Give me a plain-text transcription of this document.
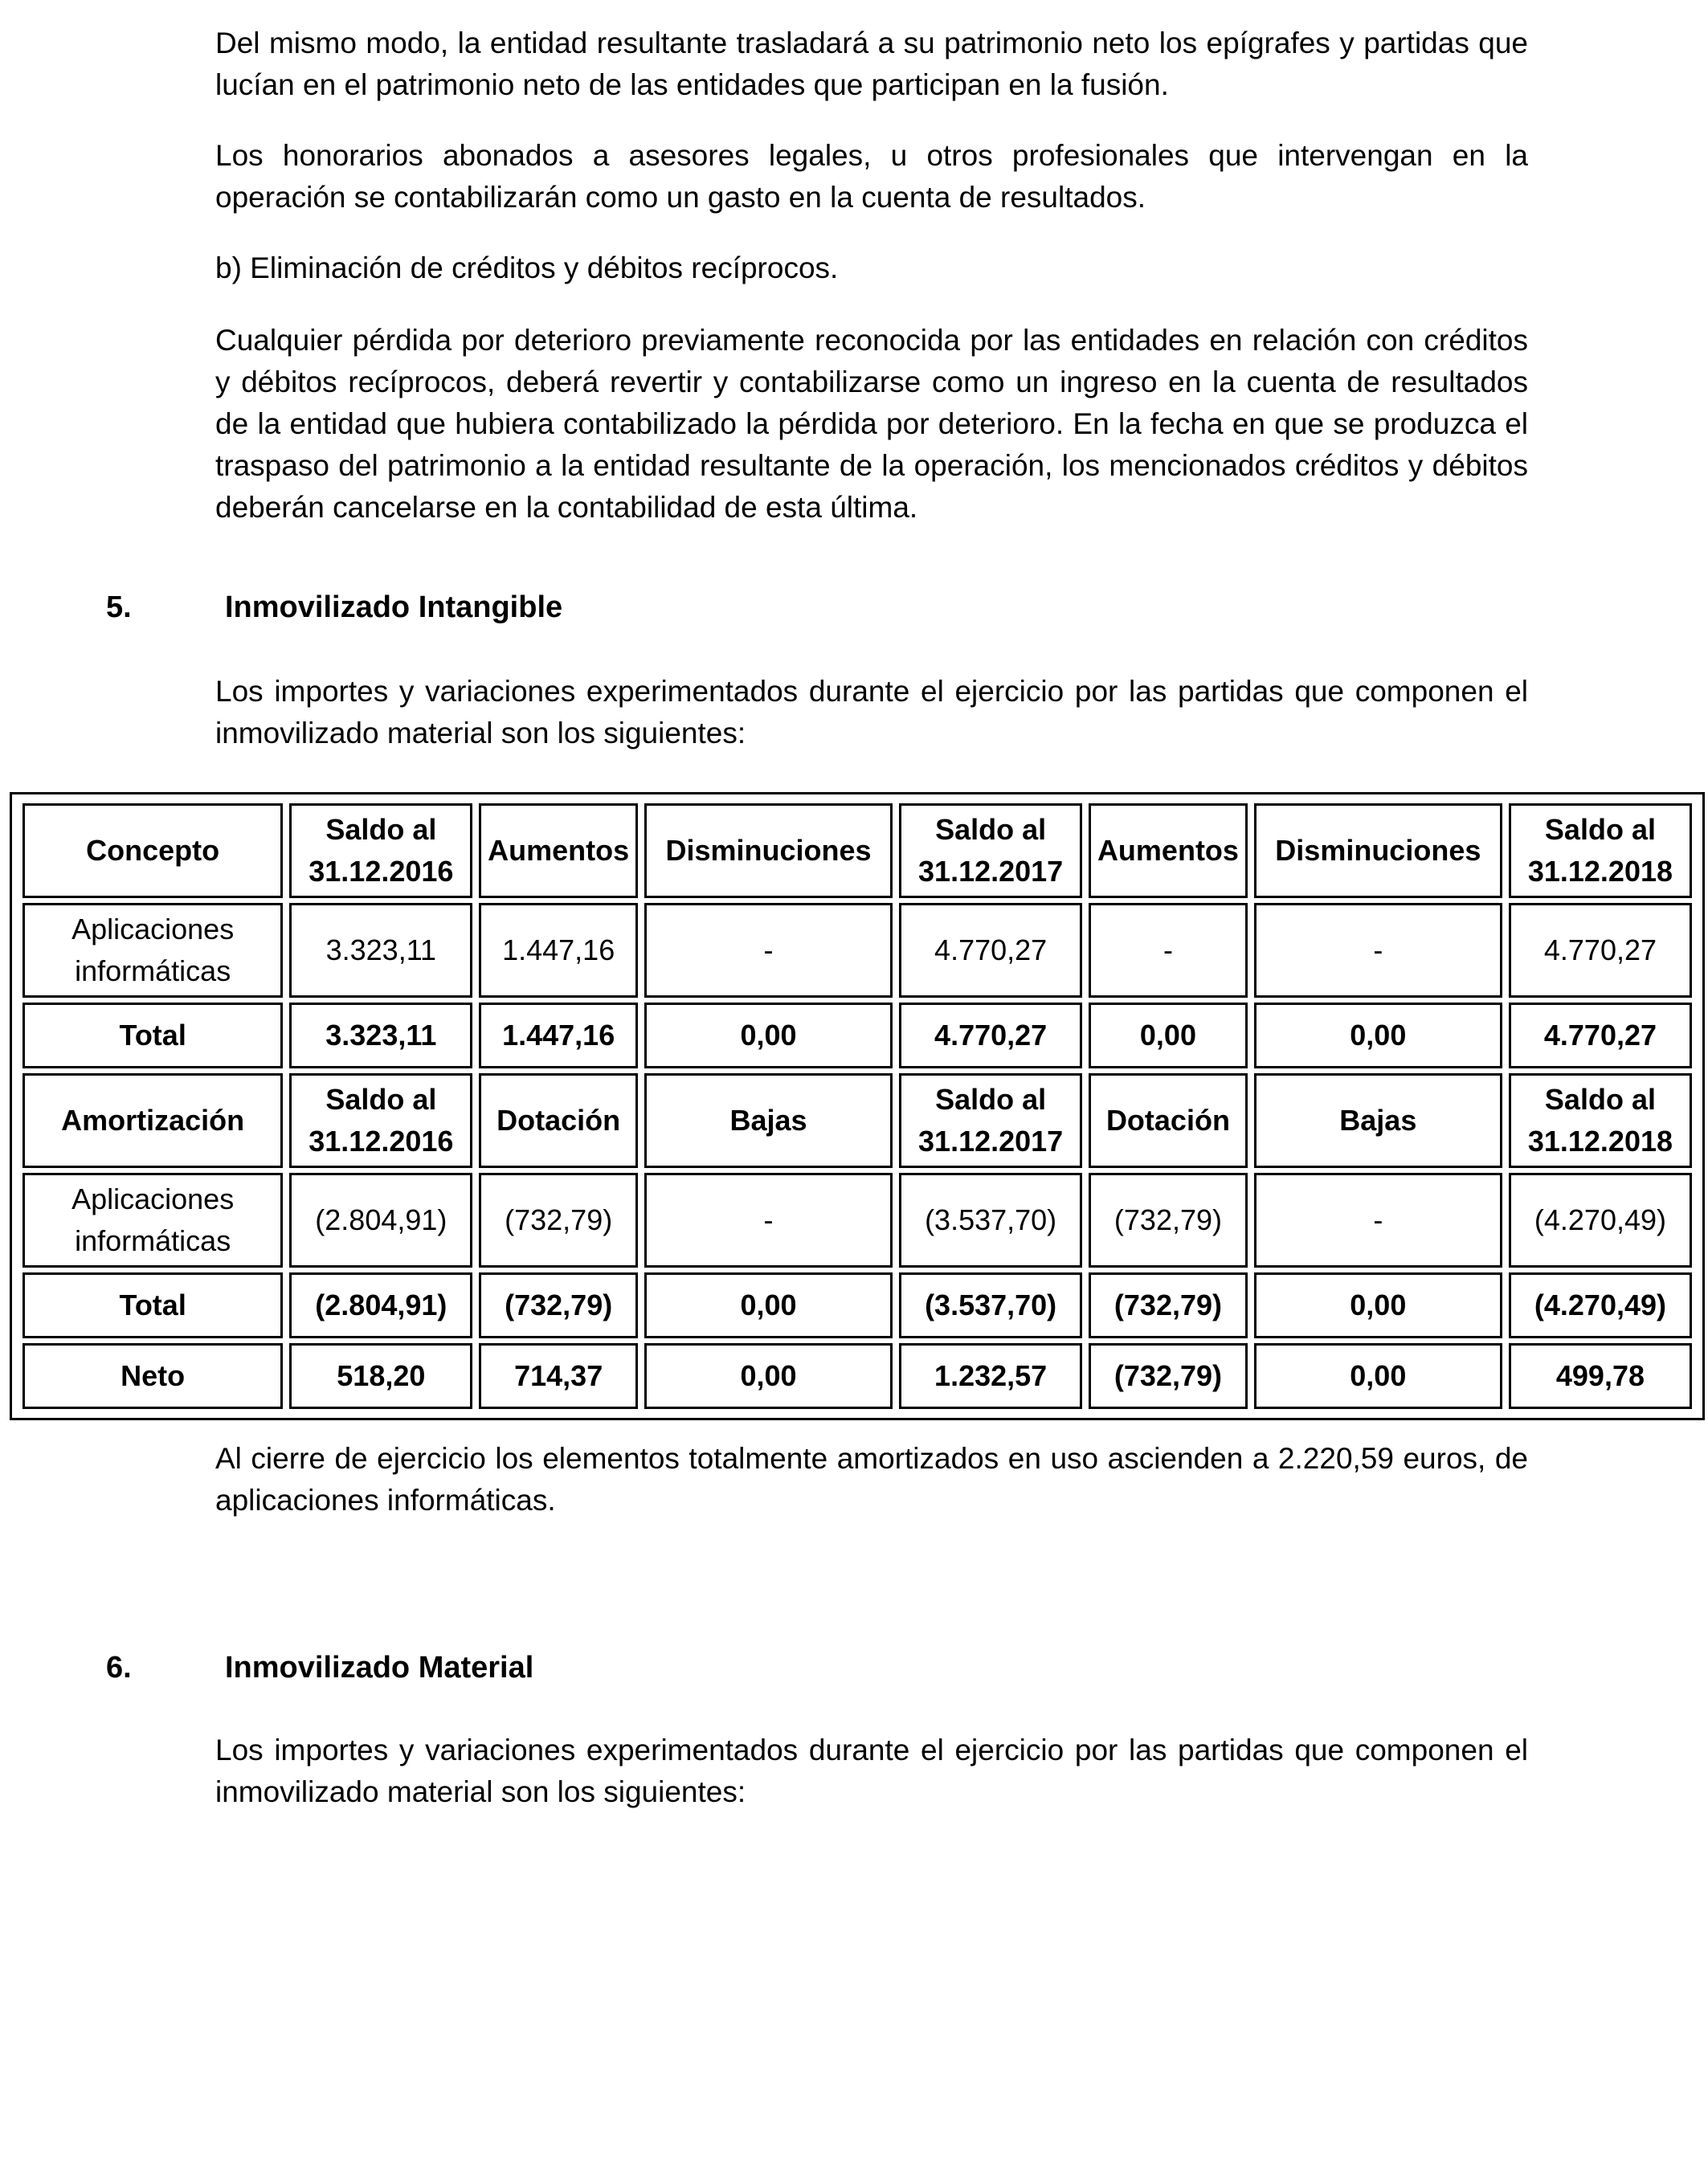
Del mismo modo, la entidad resultante trasladará a su patrimonio neto los epígrafes y partidas que lucían en el patrimonio neto de las entidades que participan en la fusión.

Los honorarios abonados a asesores legales, u otros profesionales que intervengan en la operación se contabilizarán como un gasto en la cuenta de resultados.

b) Eliminación de créditos y débitos recíprocos.

Cualquier pérdida por deterioro previamente reconocida por las entidades en relación con créditos y débitos recíprocos, deberá revertir y contabilizarse como un ingreso en la cuenta de resultados de la entidad que hubiera contabilizado la pérdida por deterioro. En la fecha en que se produzca el traspaso del patrimonio a la entidad resultante de la operación, los mencionados créditos y débitos deberán cancelarse en la contabilidad de esta última.

5.	Inmovilizado Intangible

Los importes y variaciones experimentados durante el ejercicio por las partidas que componen el inmovilizado material son los siguientes:

Concepto	Saldo al 31.12.2016	Aumentos	Disminuciones	Saldo al 31.12.2017	Aumentos	Disminuciones	Saldo al 31.12.2018
Aplicaciones informáticas	3.323,11	1.447,16	-	4.770,27	-	-	4.770,27
Total	3.323,11	1.447,16	0,00	4.770,27	0,00	0,00	4.770,27
Amortización	Saldo al 31.12.2016	Dotación	Bajas	Saldo al 31.12.2017	Dotación	Bajas	Saldo al 31.12.2018
Aplicaciones informáticas	(2.804,91)	(732,79)	-	(3.537,70)	(732,79)	-	(4.270,49)
Total	(2.804,91)	(732,79)	0,00	(3.537,70)	(732,79)	0,00	(4.270,49)
Neto	518,20	714,37	0,00	1.232,57	(732,79)	0,00	499,78

Al cierre de ejercicio los elementos totalmente amortizados en uso ascienden a 2.220,59 euros, de aplicaciones informáticas.

6.	Inmovilizado Material

Los importes y variaciones experimentados durante el ejercicio por las partidas que componen el inmovilizado material son los siguientes:
